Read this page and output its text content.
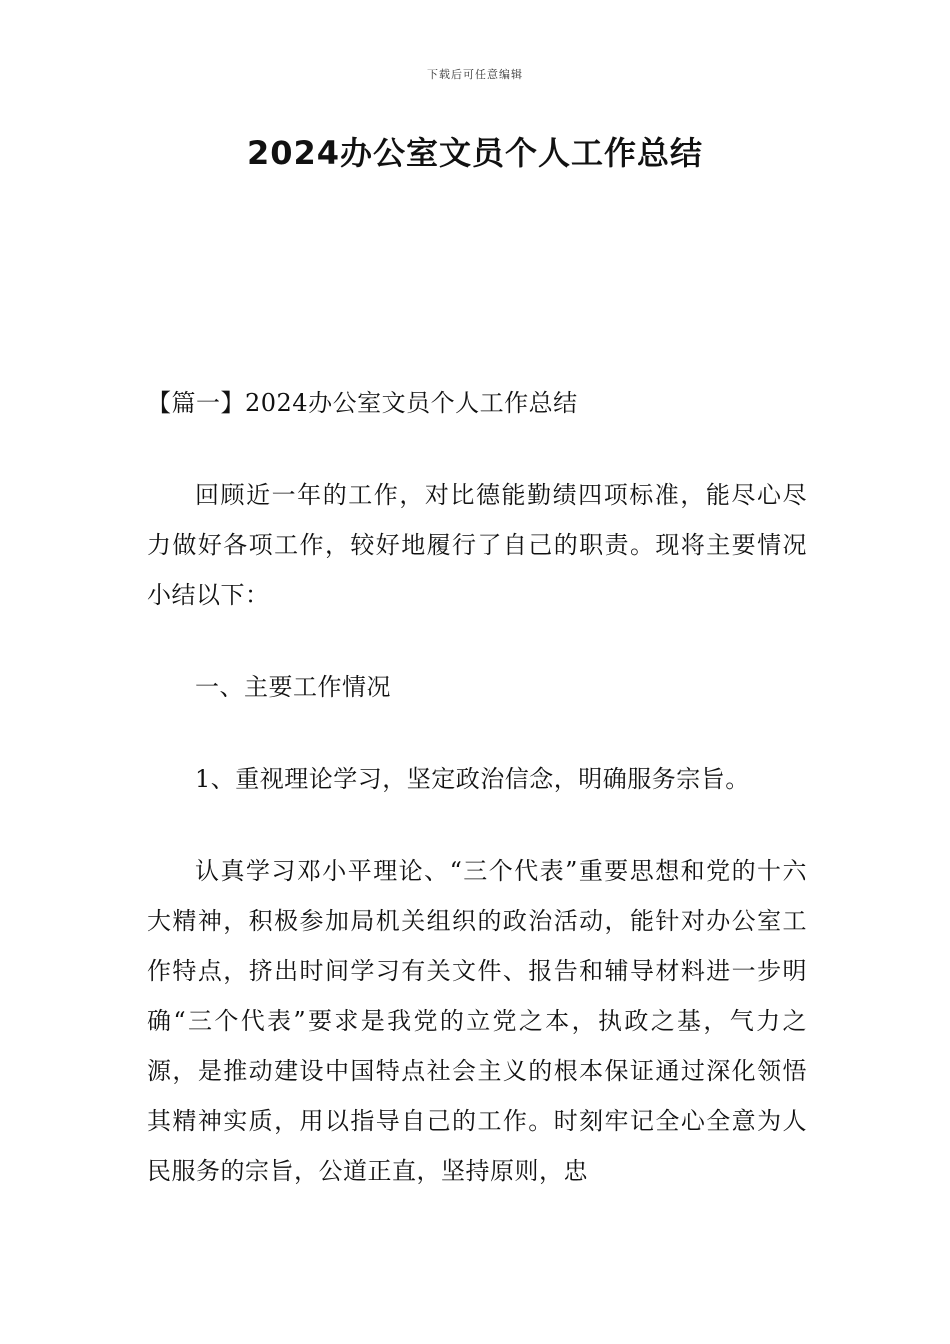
下载后可任意编辑
2024办公室文员个人工作总结

【篇一】2024办公室文员个人工作总结

回顾近一年的工作，对比德能勤绩四项标准，能尽心尽力做好各项工作，较好地履行了自己的职责。现将主要情况小结以下：

一、主要工作情况

1、重视理论学习，坚定政治信念，明确服务宗旨。

认真学习邓小平理论、“三个代表”重要思想和党的十六大精神，积极参加局机关组织的政治活动，能针对办公室工作特点，挤出时间学习有关文件、报告和辅导材料进一步明确“三个代表”要求是我党的立党之本，执政之基，气力之源，是推动建设中国特点社会主义的根本保证通过深化领悟其精神实质，用以指导自己的工作。时刻牢记全心全意为人民服务的宗旨，公道正直，坚持原则，忠
